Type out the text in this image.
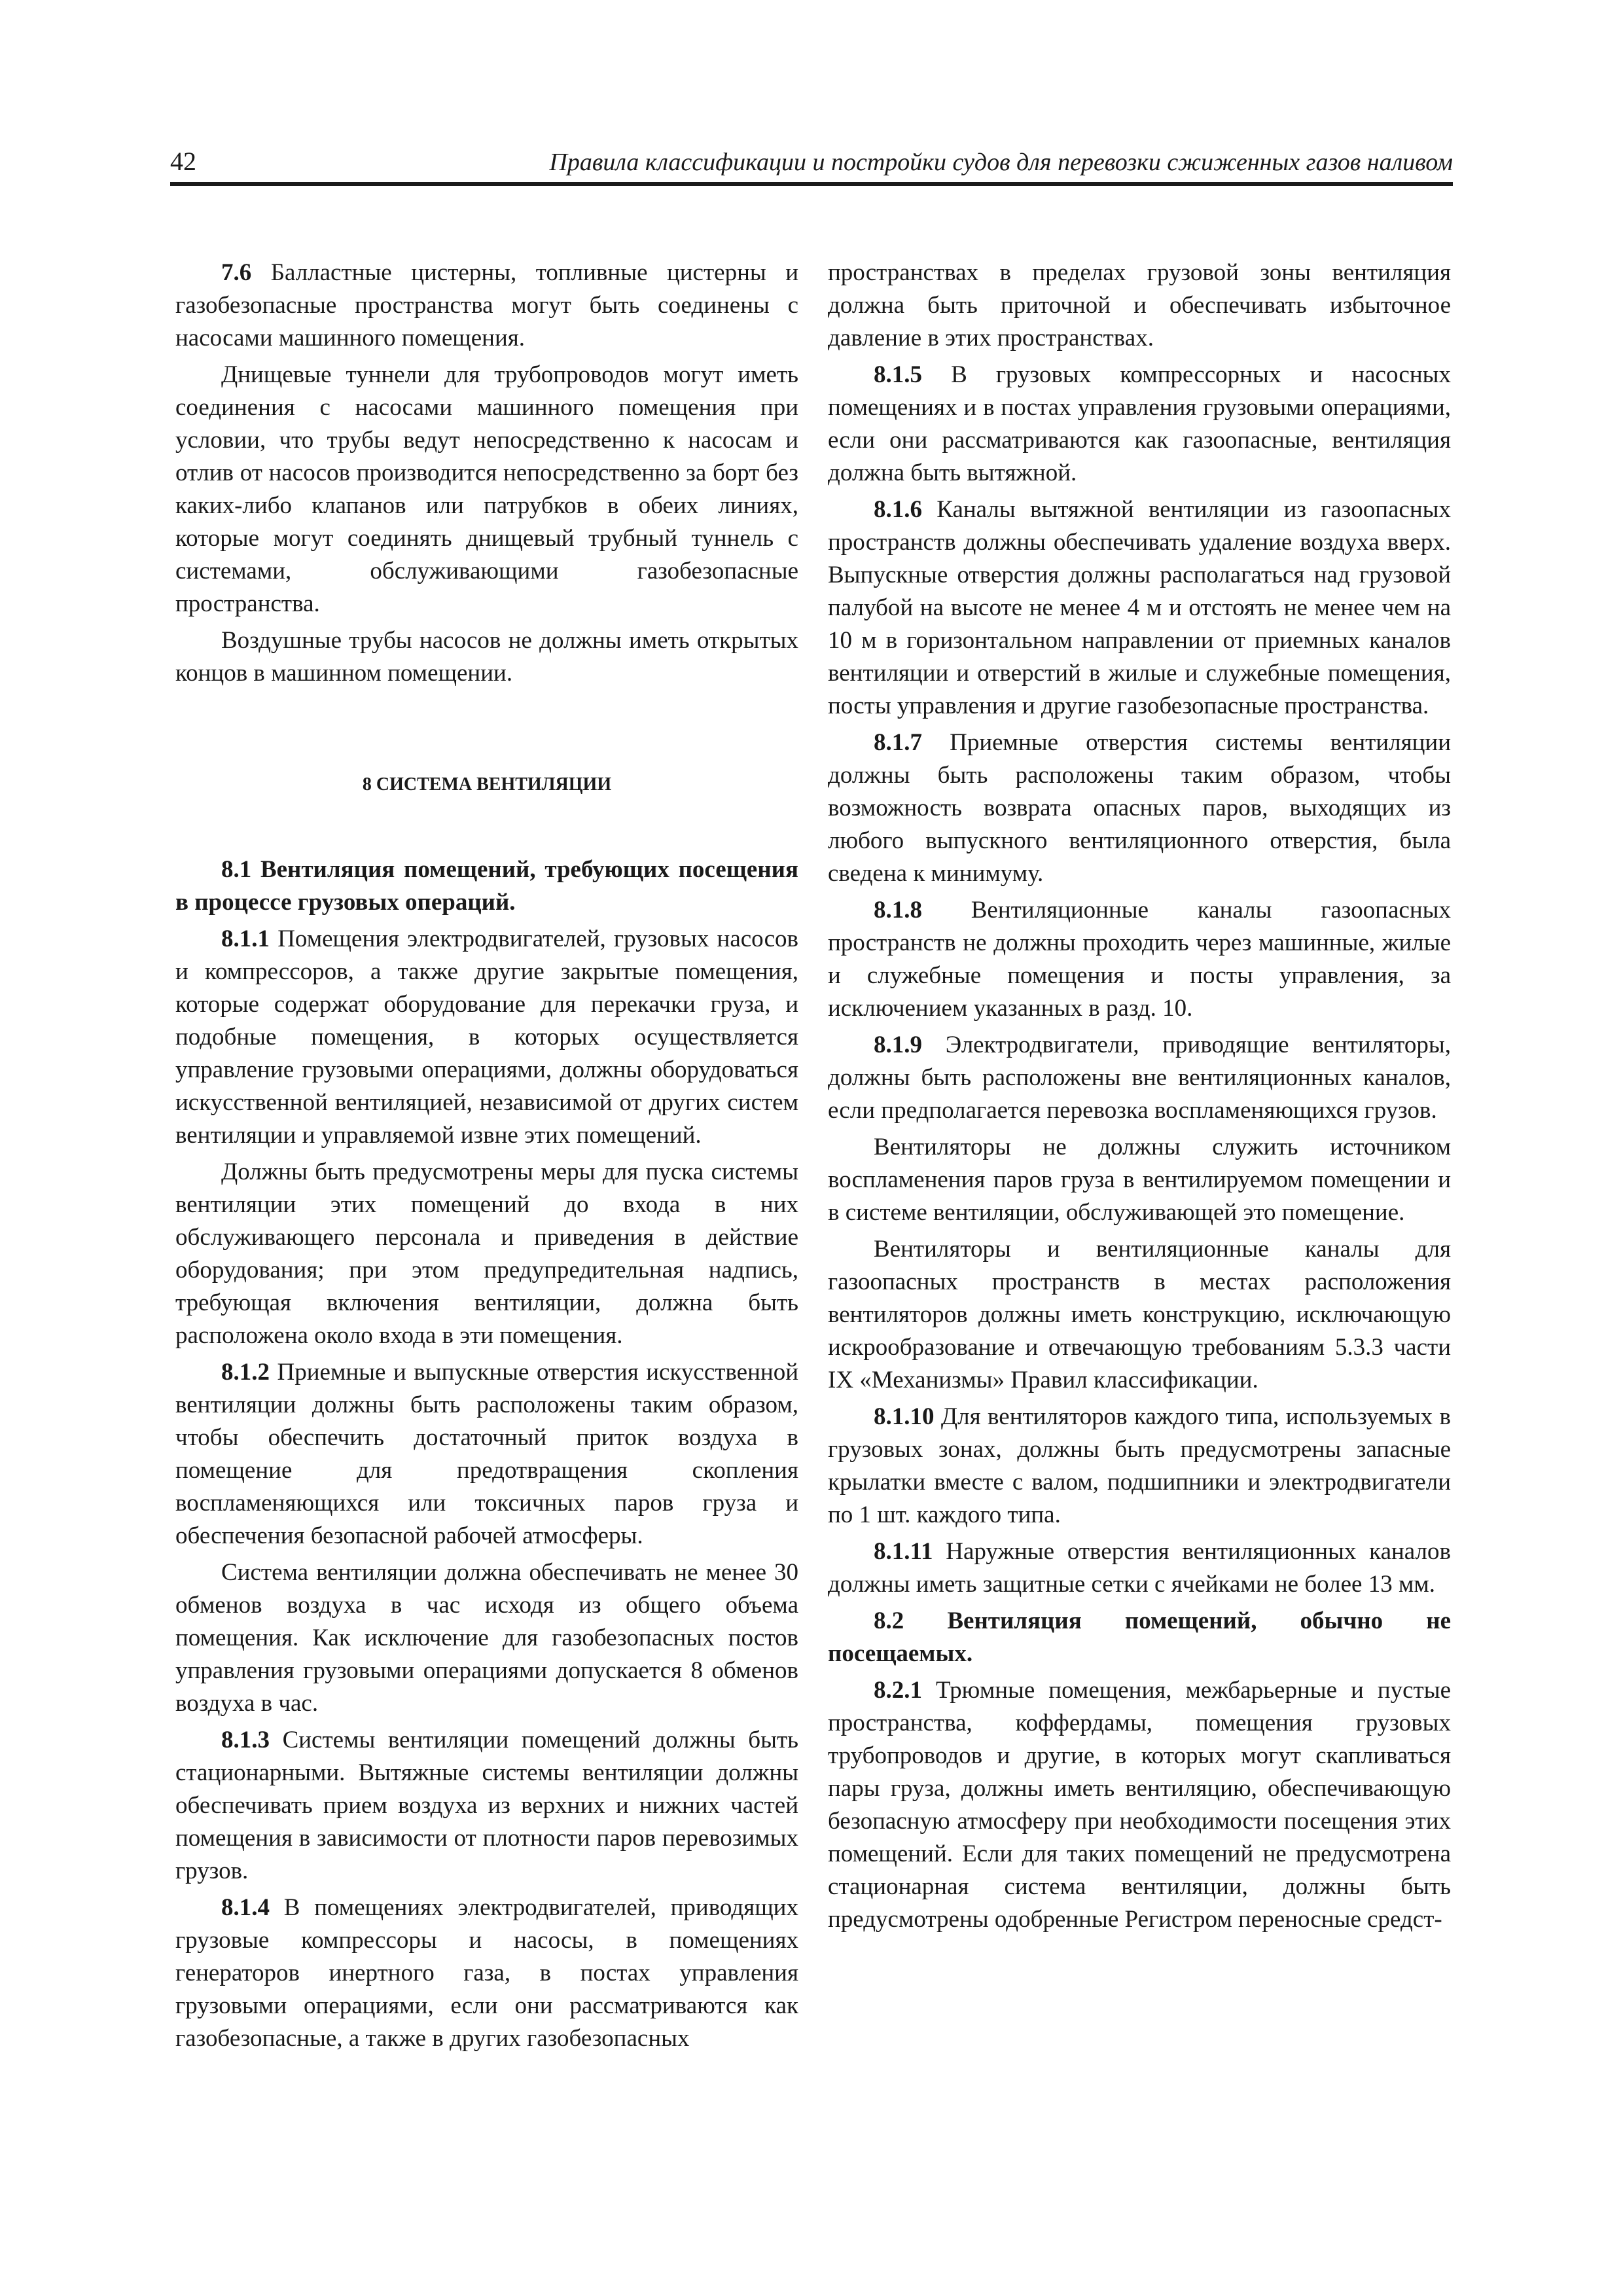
42	Правила классификации и постройки судов для перевозки сжиженных газов наливом

7.6 Балластные цистерны, топливные цистерны и газобезопасные пространства могут быть соединены с насосами машинного помещения.

Днищевые туннели для трубопроводов могут иметь соединения с насосами машинного помещения при условии, что трубы ведут непосредственно к насосам и отлив от насосов производится непосредственно за борт без каких-либо клапанов или патрубков в обеих линиях, которые могут соединять днищевый трубный туннель с системами, обслуживающими газобезопасные пространства.

Воздушные трубы насосов не должны иметь открытых концов в машинном помещении.

8 СИСТЕМА ВЕНТИЛЯЦИИ

8.1 Вентиляция помещений, требующих посещения в процессе грузовых операций.

8.1.1 Помещения электродвигателей, грузовых насосов и компрессоров, а также другие закрытые помещения, которые содержат оборудование для перекачки груза, и подобные помещения, в которых осуществляется управление грузовыми операциями, должны оборудоваться искусственной вентиляцией, независимой от других систем вентиляции и управляемой извне этих помещений.

Должны быть предусмотрены меры для пуска системы вентиляции этих помещений до входа в них обслуживающего персонала и приведения в действие оборудования; при этом предупредительная надпись, требующая включения вентиляции, должна быть расположена около входа в эти помещения.

8.1.2 Приемные и выпускные отверстия искусственной вентиляции должны быть расположены таким образом, чтобы обеспечить достаточный приток воздуха в помещение для предотвращения скопления воспламеняющихся или токсичных паров груза и обеспечения безопасной рабочей атмосферы.

Система вентиляции должна обеспечивать не менее 30 обменов воздуха в час исходя из общего объема помещения. Как исключение для газобезопасных постов управления грузовыми операциями допускается 8 обменов воздуха в час.

8.1.3 Системы вентиляции помещений должны быть стационарными. Вытяжные системы вентиляции должны обеспечивать прием воздуха из верхних и нижних частей помещения в зависимости от плотности паров перевозимых грузов.

8.1.4 В помещениях электродвигателей, приводящих грузовые компрессоры и насосы, в помещениях генераторов инертного газа, в постах управления грузовыми операциями, если они рассматриваются как газобезопасные, а также в других газобезопасных

пространствах в пределах грузовой зоны вентиляция должна быть приточной и обеспечивать избыточное давление в этих пространствах.

8.1.5 В грузовых компрессорных и насосных помещениях и в постах управления грузовыми операциями, если они рассматриваются как газоопасные, вентиляция должна быть вытяжной.

8.1.6 Каналы вытяжной вентиляции из газоопасных пространств должны обеспечивать удаление воздуха вверх. Выпускные отверстия должны располагаться над грузовой палубой на высоте не менее 4 м и отстоять не менее чем на 10 м в горизонтальном направлении от приемных каналов вентиляции и отверстий в жилые и служебные помещения, посты управления и другие газобезопасные пространства.

8.1.7 Приемные отверстия системы вентиляции должны быть расположены таким образом, чтобы возможность возврата опасных паров, выходящих из любого выпускного вентиляционного отверстия, была сведена к минимуму.

8.1.8 Вентиляционные каналы газоопасных пространств не должны проходить через машинные, жилые и служебные помещения и посты управления, за исключением указанных в разд. 10.

8.1.9 Электродвигатели, приводящие вентиляторы, должны быть расположены вне вентиляционных каналов, если предполагается перевозка воспламеняющихся грузов.

Вентиляторы не должны служить источником воспламенения паров груза в вентилируемом помещении и в системе вентиляции, обслуживающей это помещение.

Вентиляторы и вентиляционные каналы для газоопасных пространств в местах расположения вентиляторов должны иметь конструкцию, исключающую искрообразование и отвечающую требованиям 5.3.3 части IX «Механизмы» Правил классификации.

8.1.10 Для вентиляторов каждого типа, используемых в грузовых зонах, должны быть предусмотрены запасные крылатки вместе с валом, подшипники и электродвигатели по 1 шт. каждого типа.

8.1.11 Наружные отверстия вентиляционных каналов должны иметь защитные сетки с ячейками не более 13 мм.

8.2 Вентиляция помещений, обычно не посещаемых.

8.2.1 Трюмные помещения, межбарьерные и пустые пространства, коффердамы, помещения грузовых трубопроводов и другие, в которых могут скапливаться пары груза, должны иметь вентиляцию, обеспечивающую безопасную атмосферу при необходимости посещения этих помещений. Если для таких помещений не предусмотрена стационарная система вентиляции, должны быть предусмотрены одобренные Регистром переносные средст-
